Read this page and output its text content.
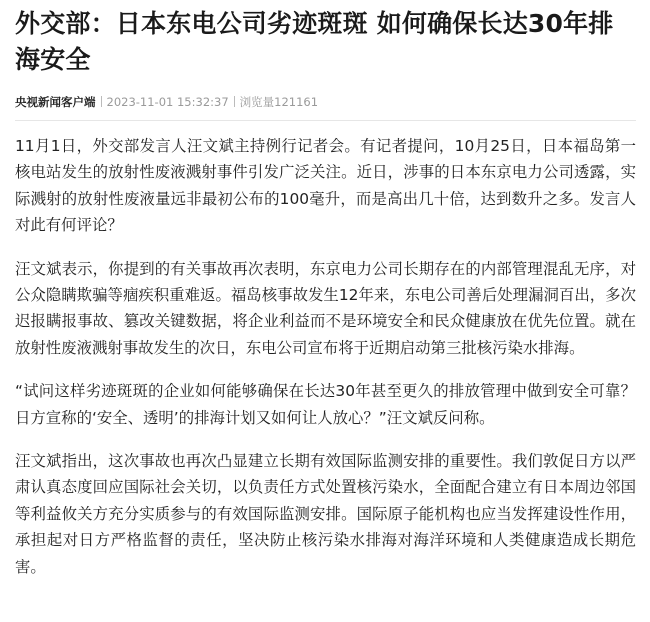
外交部：日本东电公司劣迹斑斑 如何确保长达30年排海安全
央视新闻客户端 2023-11-01 15:32:37 浏览量121161

11月1日，外交部发言人汪文斌主持例行记者会。有记者提问，10月25日，日本福岛第一核电站发生的放射性废液溅射事件引发广泛关注。近日，涉事的日本东京电力公司透露，实际溅射的放射性废液量远非最初公布的100毫升，而是高出几十倍，达到数升之多。发言人对此有何评论？

汪文斌表示，你提到的有关事故再次表明，东京电力公司长期存在的内部管理混乱无序，对公众隐瞒欺骗等痼疾积重难返。福岛核事故发生12年来，东电公司善后处理漏洞百出，多次迟报瞒报事故、篡改关键数据，将企业利益而不是环境安全和民众健康放在优先位置。就在放射性废液溅射事故发生的次日，东电公司宣布将于近期启动第三批核污染水排海。

“试问这样劣迹斑斑的企业如何能够确保在长达30年甚至更久的排放管理中做到安全可靠？日方宣称的‘安全、透明’的排海计划又如何让人放心？”汪文斌反问称。

汪文斌指出，这次事故也再次凸显建立长期有效国际监测安排的重要性。我们敦促日方以严肃认真态度回应国际社会关切，以负责任方式处置核污染水，全面配合建立有日本周边邻国等利益攸关方充分实质参与的有效国际监测安排。国际原子能机构也应当发挥建设性作用，承担起对日方严格监督的责任，坚决防止核污染水排海对海洋环境和人类健康造成长期危害。
